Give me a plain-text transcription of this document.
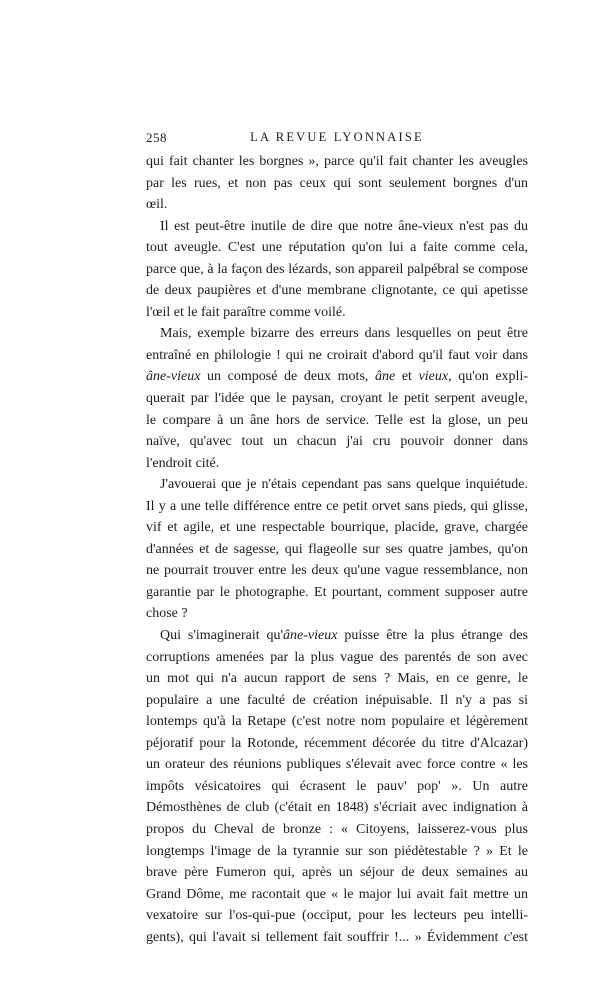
258	LA REVUE LYONNAISE
qui fait chanter les borgnes », parce qu'il fait chanter les aveugles
par les rues, et non pas ceux qui sont seulement borgnes d'un
œil.
Il est peut-être inutile de dire que notre âne-vieux n'est pas du
tout aveugle. C'est une réputation qu'on lui a faite comme cela,
parce que, à la façon des lézards, son appareil palpébral se compose
de deux paupières et d'une membrane clignotante, ce qui apetisse
l'œil et le fait paraître comme voilé.
Mais, exemple bizarre des erreurs dans lesquelles on peut être
entraîné en philologie ! qui ne croirait d'abord qu'il faut voir dans
âne-vieux un composé de deux mots, âne et vieux, qu'on expli-
querait par l'idée que le paysan, croyant le petit serpent aveugle,
le compare à un âne hors de service. Telle est la glose, un peu
naïve, qu'avec tout un chacun j'ai cru pouvoir donner dans
l'endroit cité.
J'avouerai que je n'étais cependant pas sans quelque inquiétude.
Il y a une telle différence entre ce petit orvet sans pieds, qui glisse,
vif et agile, et une respectable bourrique, placide, grave, chargée
d'années et de sagesse, qui flageolle sur ses quatre jambes, qu'on
ne pourrait trouver entre les deux qu'une vague ressemblance, non
garantie par le photographe. Et pourtant, comment supposer autre
chose ?
Qui s'imaginerait qu'âne-vieux puisse être la plus étrange des
corruptions amenées par la plus vague des parentés de son avec
un mot qui n'a aucun rapport de sens ? Mais, en ce genre, le
populaire a une faculté de création inépuisable. Il n'y a pas si
lontemps qu'à la Retape (c'est notre nom populaire et légèrement
péjoratif pour la Rotonde, récemment décorée du titre d'Alcazar)
un orateur des réunions publiques s'élevait avec force contre « les
impôts vésicatoires qui écrasent le pauv' pop' ». Un autre
Démosthènes de club (c'était en 1848) s'écriait avec indignation à
propos du Cheval de bronze : « Citoyens, laisserez-vous plus
longtemps l'image de la tyrannie sur son piédètestable ? » Et le
brave père Fumeron qui, après un séjour de deux semaines au
Grand Dôme, me racontait que « le major lui avait fait mettre un
vexatoire sur l'os-qui-pue (occiput, pour les lecteurs peu intelli-
gents), qui l'avait si tellement fait souffrir !... » Évidemment c'est
